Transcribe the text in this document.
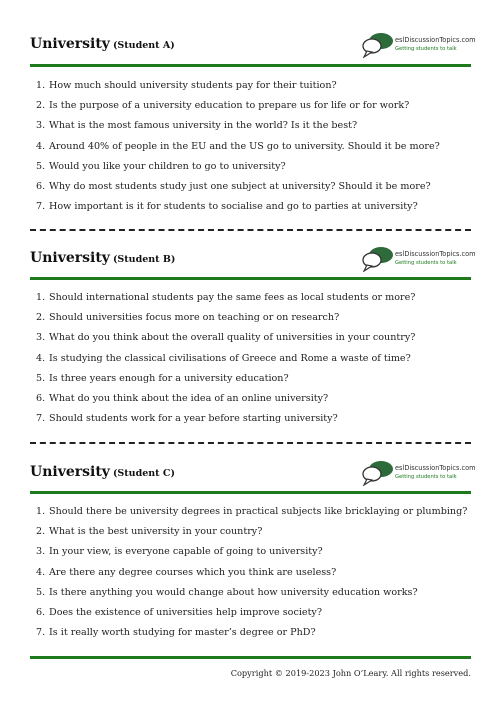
University (Student A)	eslDiscussionTopics.com
Getting students to talk
1. How much should university students pay for their tuition?
2. Is the purpose of a university education to prepare us for life or for work?
3. What is the most famous university in the world? Is it the best?
4. Around 40% of people in the EU and the US go to university. Should it be more?
5. Would you like your children to go to university?
6. Why do most students study just one subject at university? Should it be more?
7. How important is it for students to socialise and go to parties at university?
University (Student B)	eslDiscussionTopics.com
Getting students to talk
1. Should international students pay the same fees as local students or more?
2. Should universities focus more on teaching or on research?
3. What do you think about the overall quality of universities in your country?
4. Is studying the classical civilisations of Greece and Rome a waste of time?
5. Is three years enough for a university education?
6. What do you think about the idea of an online university?
7. Should students work for a year before starting university?
University (Student C)	eslDiscussionTopics.com
Getting students to talk
1. Should there be university degrees in practical subjects like bricklaying or plumbing?
2. What is the best university in your country?
3. In your view, is everyone capable of going to university?
4. Are there any degree courses which you think are useless?
5. Is there anything you would change about how university education works?
6. Does the existence of universities help improve society?
7. Is it really worth studying for master’s degree or PhD?
Copyright © 2019-2023 John O’Leary. All rights reserved.
